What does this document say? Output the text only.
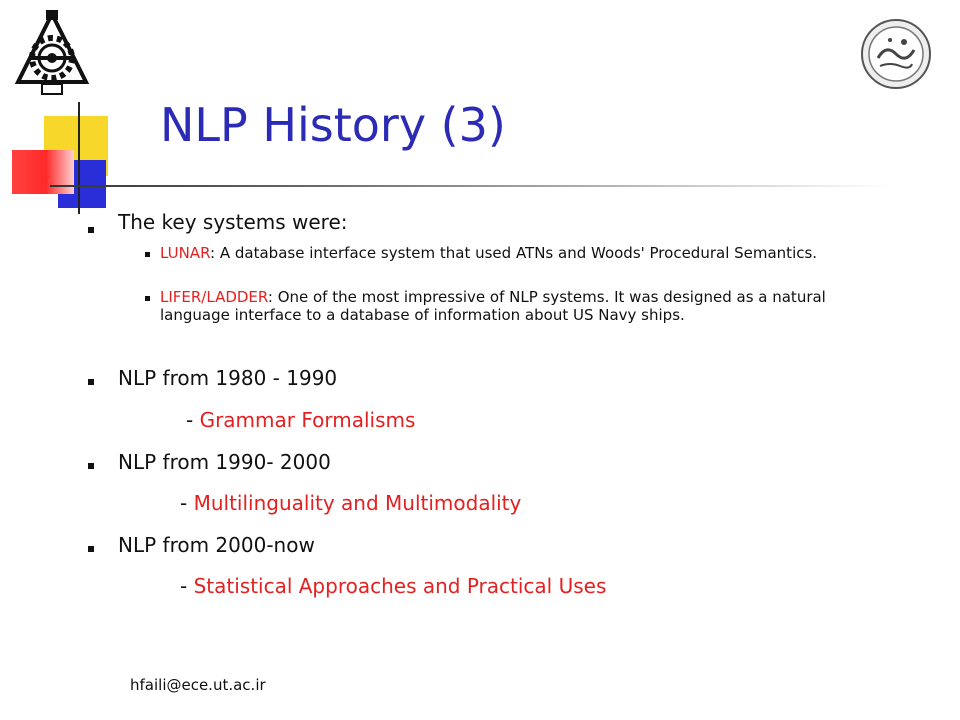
NLP History (3)
The key systems were:
LUNAR: A database interface system that used ATNs and Woods' Procedural Semantics.
LIFER/LADDER: One of the most impressive of NLP systems. It was designed as a natural language interface to a database of information about US Navy ships.
NLP from 1980 - 1990
- Grammar Formalisms
NLP from 1990- 2000
- Multilinguality and Multimodality
NLP from 2000-now
- Statistical Approaches and Practical Uses
hfaili@ece.ut.ac.ir
